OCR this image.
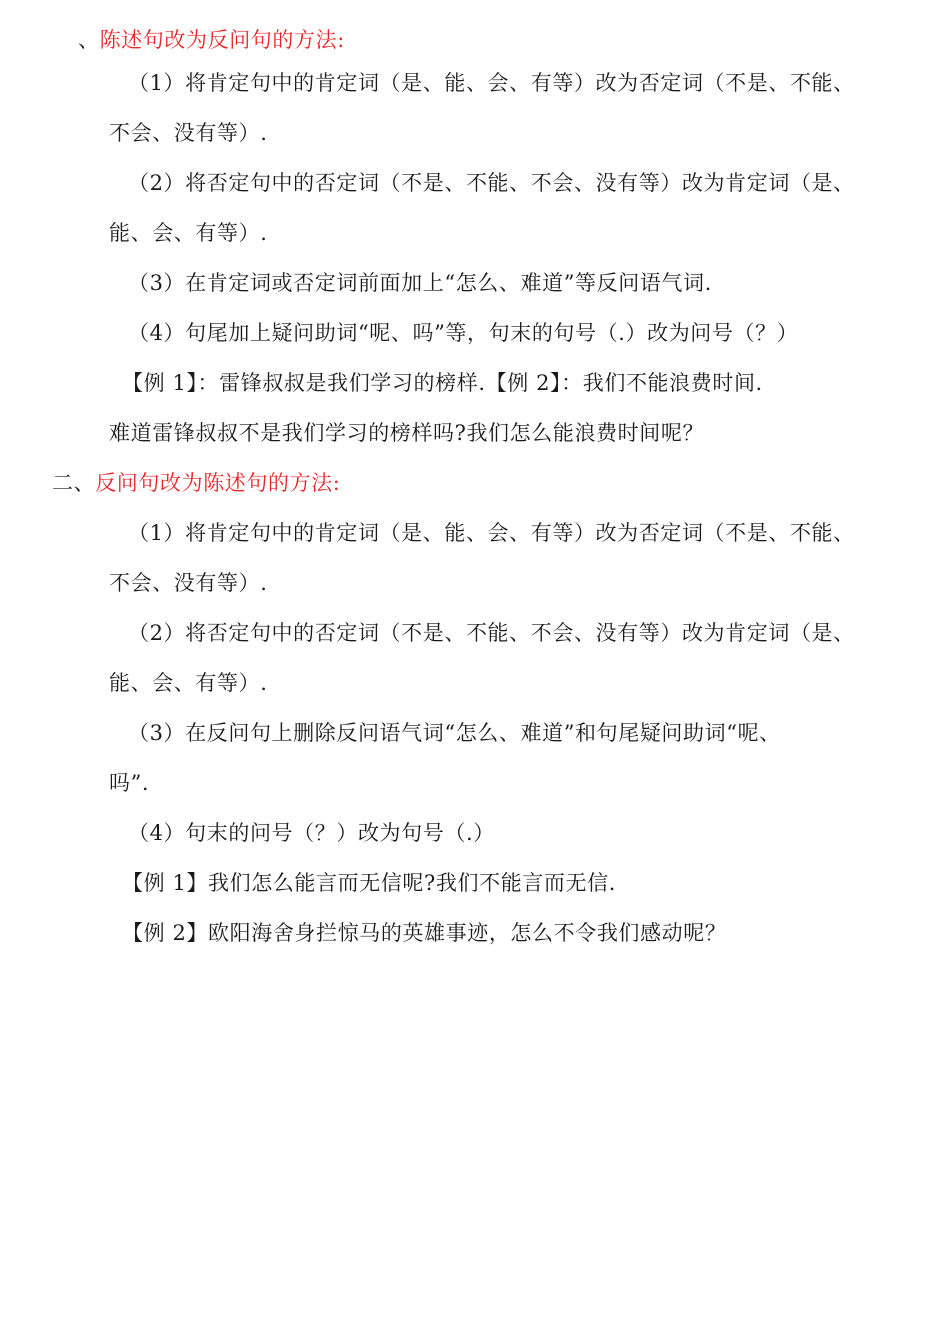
、陈述句改为反问句的方法:
（1）将肯定句中的肯定词（是、能、会、有等）改为否定词（不是、不能、
不会、没有等）.
（2）将否定句中的否定词（不是、不能、不会、没有等）改为肯定词（是、
能、会、有等）.
（3）在肯定词或否定词前面加上“怎么、难道”等反问语气词.
（4）句尾加上疑问助词“呢、吗”等，句末的句号（.）改为问号（？）
【例 1】：雷锋叔叔是我们学习的榜样.【例 2】：我们不能浪费时间.
难道雷锋叔叔不是我们学习的榜样吗?我们怎么能浪费时间呢？
二、反问句改为陈述句的方法:
（1）将肯定句中的肯定词（是、能、会、有等）改为否定词（不是、不能、
不会、没有等）.
（2）将否定句中的否定词（不是、不能、不会、没有等）改为肯定词（是、
能、会、有等）.
（3）在反问句上删除反问语气词“怎么、难道”和句尾疑问助词“呢、
吗”.
（4）句末的问号（？）改为句号（.）
【例 1】我们怎么能言而无信呢?我们不能言而无信.
【例 2】欧阳海舍身拦惊马的英雄事迹，怎么不令我们感动呢？
